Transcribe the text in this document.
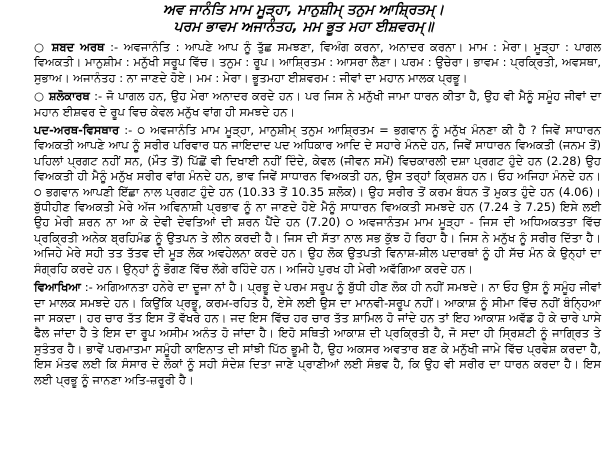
ਅਵ ਜਾਨੰਤਿ ਮਾਮ ਮੂੜ੍ਹਾ, ਮਾਨੁਸ਼ੀਮ੍ ਤਨੁਮ ਆਸ਼੍ਰਿਤਮ੍।

ਪਰਮ ਭਾਵਮ ਅਜਾਨੰਤਹ, ਮਮ ਭੂਤ ਮਹਾ ਈਸ਼ਵਰਮ੍॥

○ ਸ਼ਬਦ ਅਰਥ :- ਅਵਜਾਨੰਤਿ : ਆਪਣੇ ਆਪ ਨੂੰ ਤੁੱਛ ਸਮਝਣਾ, ਵਿਅੰਗ ਕਰਨਾ, ਅਨਾਦਰ ਕਰਨਾ। ਮਾਮ : ਮੇਰਾ। ਮੂੜ੍ਹਾ : ਪਾਗਲ ਵਿਅਕਤੀ। ਮਾਨੁਸ਼ੀਮ : ਮਨੁੱਖੀ ਸਰੂਪ ਵਿੱਚ। ਤਨੁਮ : ਰੂਪ। ਆਸ਼੍ਰਿਤਮ : ਆਸਰਾ ਲੈਣਾ। ਪਰਮ : ਉਚੇਰਾ। ਭਾਵਮ : ਪ੍ਰਕ੍ਰਿਤੀ, ਅਵਸਥਾ, ਸੁਭਾਅ। ਅਜਾਨੰਤਹ : ਨਾ ਜਾਣਦੇ ਹੋਏ। ਮਮ : ਮੇਰਾ। ਭੂਤਮਹਾ ਈਸ਼ਵਰਮ : ਜੀਵਾਂ ਦਾ ਮਹਾਨ ਮਾਲਕ ਪ੍ਰਭੂ।

○ ਸ਼ਲੋਕਾਰਥ :- ਜੋ ਪਾਗਲ ਹਨ, ਉਹ ਮੇਰਾ ਅਨਾਦਰ ਕਰਦੇ ਹਨ। ਪਰ ਜਿਸ ਨੇ ਮਨੁੱਖੀ ਜਾਮਾ ਧਾਰਨ ਕੀਤਾ ਹੈ, ਉਹ ਵੀ ਮੈਨੂੰ ਸਮੂੰਹ ਜੀਵਾਂ ਦਾ ਮਹਾਨ ਈਸ਼ਵਰ ਦੇ ਰੂਪ ਵਿਚ ਕੇਵਲ ਮਨੁੱਖ ਵਾਂਗ ਹੀ ਸਮਝਦੇ ਹਨ।

ਪਦ-ਅਰਥ-ਵਿਸਥਾਰ :- ੦ ਅਵਜਾਨੰਤਿ ਮਾਮ ਮੂੜ੍ਹਾ, ਮਾਨੁਸ਼ੀਮ੍ ਤਨੁਮ ਆਸ਼੍ਰਿਤਮ = ਭਗਵਾਨ ਨੂੰ ਮਨੁੱਖ ਮੰਨਣਾ ਕੀ ਹੈ ? ਜਿਵੇਂ ਸਾਧਾਰਨ ਵਿਅਕਤੀ ਆਪਣੇ ਆਪ ਨੂੰ ਸਰੀਰ ਪਰਿਵਾਰ ਧਨ ਜਾਇਦਾਦ ਪਦ ਅਧਿਕਾਰ ਆਦਿ ਦੇ ਸਹਾਰੇ ਮੰਨਦੇ ਹਨ, ਜਿਵੇਂ ਸਾਧਾਰਨ ਵਿਅਕਤੀ (ਜਨਮ ਤੋਂ) ਪਹਿਲਾਂ ਪ੍ਰਗਟ ਨਹੀਂ ਸਨ, (ਮੌਤ ਤੋਂ) ਪਿੱਛੋਂ ਵੀ ਦਿਖਾਈ ਨਹੀਂ ਦਿੰਦੇ, ਕੇਵਲ (ਜੀਵਨ ਸਮੇਂ) ਵਿਚਕਾਰਲੀ ਦਸ਼ਾ ਪ੍ਰਗਟ ਹੁੰਦੇ ਹਨ (2.28) ਉਹ ਵਿਅਕਤੀ ਹੀ ਮੈਨੂੰ ਮਨੁੱਖ ਸਰੀਰ ਵਾਂਗ ਮੰਨਦੇ ਹਨ, ਭਾਵ ਜਿਵੇਂ ਸਾਧਾਰਨ ਵਿਅਕਤੀ ਹਨ, ਉਸ ਤਰ੍ਹਾਂ ਕ੍ਰਿਸ਼ਨ ਹਨ। ਓਹ ਅਜਿਹਾ ਮੰਨਦੇ ਹਨ। ੦ ਭਗਵਾਨ ਆਪਣੀ ਇੱਛਾ ਨਾਲ ਪ੍ਰਗਟ ਹੁੰਦੇ ਹਨ (10.33 ਤੋਂ 10.35 ਸ਼ਲੋਕ)। ਉਹ ਸਰੀਰ ਤੋਂ ਕਰਮ ਬੰਧਨ ਤੋਂ ਮੁਕਤ ਹੁੰਦੇ ਹਨ (4.06)। ਬੁੱਧੀਹੀਣ ਵਿਅਕਤੀ ਮੇਰੇ ਅੱਜ ਅਵਿਨਾਸ਼ੀ ਪ੍ਰਭਾਵ ਨੂੰ ਨਾ ਜਾਣਦੇ ਹੋਏ ਮੈਨੂੰ ਸਾਧਾਰਨ ਵਿਅਕਤੀ ਸਮਝਦੇ ਹਨ (7.24 ਤੇ 7.25) ਇਸੇ ਲਈ ਉਹ ਮੇਰੀ ਸ਼ਰਨ ਨਾ ਆ ਕੇ ਦੇਵੀ ਦੇਵਤਿਆਂ ਦੀ ਸ਼ਰਨ ਪੈਂਦੇ ਹਨ (7.20) ੦ ਅਵਜਾਨੰਤਮ ਮਾਮ ਮੂੜ੍ਹਾ - ਜਿਸ ਦੀ ਅਧਿਅਕਤਤਾ ਵਿੱਚ ਪ੍ਰਕ੍ਰਿਤੀ ਅਨੇਕ ਬ੍ਰਹਿਮੰਡ ਨੂੰ ਉਤਪਨ ਤੇ ਲੀਨ ਕਰਦੀ ਹੈ। ਜਿਸ ਦੀ ਸੱਤਾ ਨਾਲ ਸਭ ਕੁੱਝ ਹੋ ਰਿਹਾ ਹੈ। ਜਿਸ ਨੇ ਮਨੁੱਖ ਨੂੰ ਸਰੀਰ ਦਿੱਤਾ ਹੈ। ਅਜਿਹੇ ਮੇਰੇ ਸਹੀ ਤਤ ਤੱਤਵ ਦੀ ਮੂੜ ਲੋਕ ਅਵਹੇਲਨਾ ਕਰਦੇ ਹਨ। ਉਹ ਲੋਕ ਉਤਪਤੀ ਵਿਨਾਸ਼-ਸ਼ੀਲ ਪਦਾਰਥਾਂ ਨੂੰ ਹੀ ਸੱਚ ਮੰਨ ਕੇ ਉਨ੍ਹਾਂ ਦਾ ਸੰਗ੍ਰਹਿ ਕਰਦੇ ਹਨ। ਉਨ੍ਹਾਂ ਨੂੰ ਭੋਗਣ ਵਿੱਚ ਲੱਗੇ ਰਹਿੰਦੇ ਹਨ। ਅਜਿਹੇ ਪੁਰਖ ਹੀ ਮੇਰੀ ਅਵੱਗਿਆ ਕਰਦੇ ਹਨ।

ਵਿਆਖਿਆ :- ਅਗਿਆਨਤਾ ਹਨੇਰੇ ਦਾ ਦੂਜਾ ਨਾਂ ਹੈ। ਪ੍ਰਭੂ ਦੇ ਪਰਮ ਸਰੂਪ ਨੂੰ ਬੁੱਧੀ ਹੀਣ ਲੋਕ ਹੀ ਨਹੀਂ ਸਮਝਦੇ। ਨਾ ਓਹ ਉਸ ਨੂੰ ਸਮੂੰਹ ਜੀਵਾਂ ਦਾ ਮਾਲਕ ਸਮਝਦੇ ਹਨ। ਕਿਉਂਕਿ ਪ੍ਰਭੂ, ਕਰਮ-ਰਹਿਤ ਹੈ, ਏਸੇ ਲਈ ਉਸ ਦਾ ਮਾਨਵੀ-ਸਰੂਪ ਨਹੀਂ। ਆਕਾਸ਼ ਨੂੰ ਸੀਮਾ ਵਿੱਚ ਨਹੀਂ ਬੰਨ੍ਹਿਆ ਜਾ ਸਕਦਾ। ਹਰ ਚਾਰ ਤੱਤ ਇਸ ਤੋਂ ਵੱਖਰੇ ਹਨ। ਜਦ ਇਸ ਵਿੱਚ ਹਰ ਚਾਰ ਤੱਤ ਸ਼ਾਮਿਲ ਹੋ ਜਾਂਦੇ ਹਨ ਤਾਂ ਇਹ ਆਕਾਸ਼ ਅਵੱਡ ਹੋ ਕੇ ਚਾਰੇ ਪਾਸੇ ਫੈਲ ਜਾਂਦਾ ਹੈ ਤੇ ਇਸ ਦਾ ਰੂਪ ਅਸੀਮ ਅਨੰਤ ਹੋ ਜਾਂਦਾ ਹੈ। ਇਹੋ ਸਥਿਤੀ ਆਕਾਸ਼ ਦੀ ਪ੍ਰਕ੍ਰਿਤੀ ਹੈ, ਜੋ ਸਦਾ ਹੀ ਸ੍ਰਿਸ਼ਟੀ ਨੂੰ ਜਾਗ੍ਰਿਤ ਤੇ ਸੁਤੰਤਰ ਹੈ। ਭਾਵੇਂ ਪਰਮਾਤਮਾ ਸਮੂੰਹੀ ਕਾਇਨਾਤ ਦੀ ਸਾਂਝੀ ਪਿੱਠ ਭੂਮੀ ਹੈ, ਉਹ ਅਕਸਰ ਅਵਤਾਰ ਬਣ ਕੇ ਮਨੁੱਖੀ ਜਾਮੇ ਵਿੱਚ ਪ੍ਰਵੇਸ਼ ਕਰਦਾ ਹੈ, ਇਸ ਮੰਤਵ ਲਈ ਕਿ ਸੰਸਾਰ ਦੇ ਲੋਕਾਂ ਨੂੰ ਸਹੀ ਸੰਦੇਸ਼ ਦਿਤਾ ਜਾਣੇ ਪ੍ਰਾਣੀਆਂ ਲਈ ਸੰਭਵ ਹੈ, ਕਿ ਉਹ ਵੀ ਸਰੀਰ ਦਾ ਧਾਰਨ ਕਰਦਾ ਹੈ। ਇਸ ਲਈ ਪ੍ਰਭੂ ਨੂੰ ਜਾਨਣਾ ਅਤਿ-ਜ਼ਰੂਰੀ ਹੈ।
